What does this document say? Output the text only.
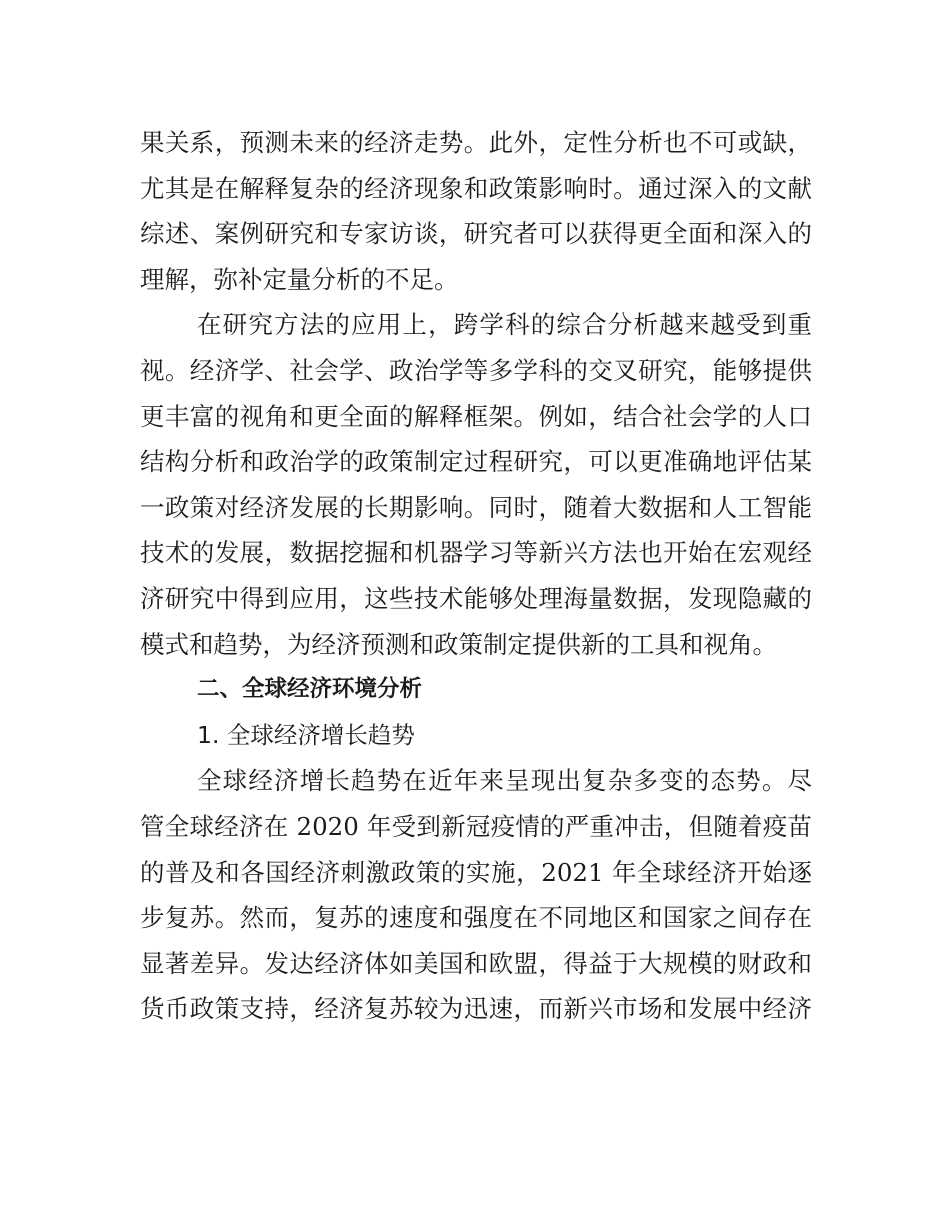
果关系，预测未来的经济走势。此外，定性分析也不可或缺，
尤其是在解释复杂的经济现象和政策影响时。通过深入的文献
综述、案例研究和专家访谈，研究者可以获得更全面和深入的
理解，弥补定量分析的不足。
在研究方法的应用上，跨学科的综合分析越来越受到重
视。经济学、社会学、政治学等多学科的交叉研究，能够提供
更丰富的视角和更全面的解释框架。例如，结合社会学的人口
结构分析和政治学的政策制定过程研究，可以更准确地评估某
一政策对经济发展的长期影响。同时，随着大数据和人工智能
技术的发展，数据挖掘和机器学习等新兴方法也开始在宏观经
济研究中得到应用，这些技术能够处理海量数据，发现隐藏的
模式和趋势，为经济预测和政策制定提供新的工具和视角。
二、全球经济环境分析
1. 全球经济增长趋势
全球经济增长趋势在近年来呈现出复杂多变的态势。尽
管全球经济在 2020 年受到新冠疫情的严重冲击，但随着疫苗
的普及和各国经济刺激政策的实施，2021 年全球经济开始逐
步复苏。然而，复苏的速度和强度在不同地区和国家之间存在
显著差异。发达经济体如美国和欧盟，得益于大规模的财政和
货币政策支持，经济复苏较为迅速，而新兴市场和发展中经济
